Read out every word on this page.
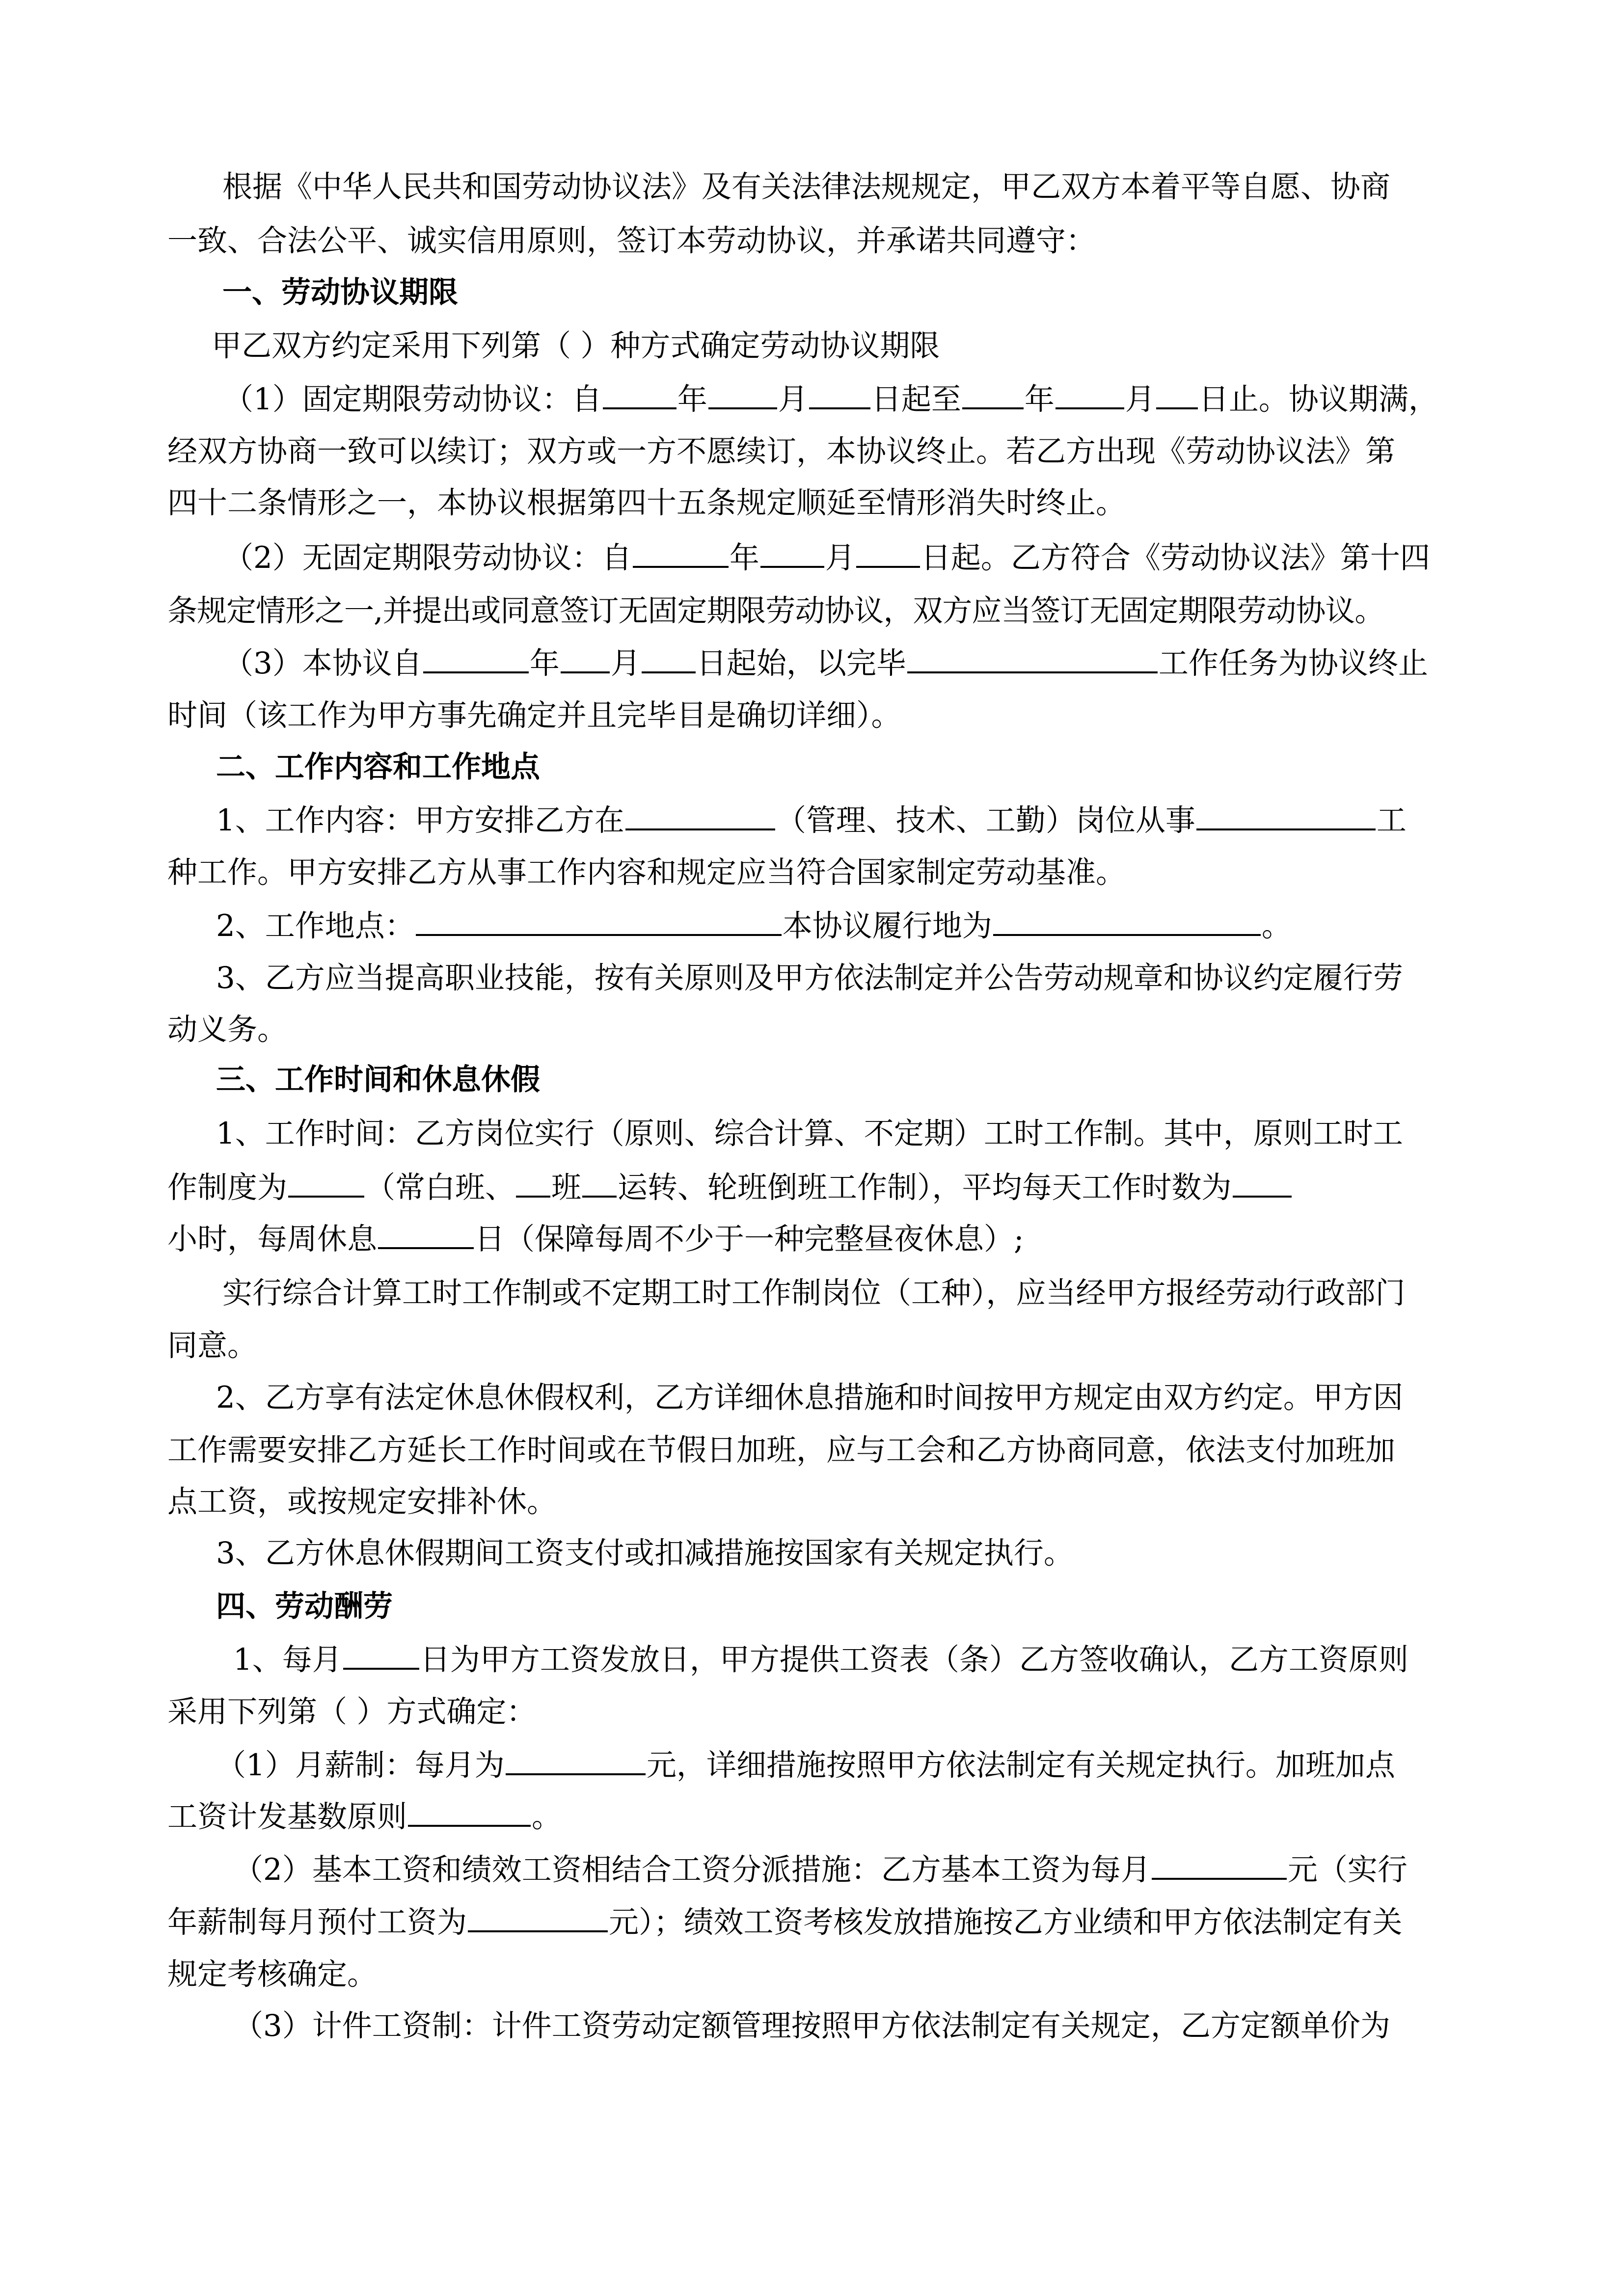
根据《中华人民共和国劳动协议法》及有关法律法规规定，甲乙双方本着平等自愿、协商
一致、合法公平、诚实信用原则，签订本劳动协议，并承诺共同遵守：
一、劳动协议期限
甲乙双方约定采用下列第（ ）种方式确定劳动协议期限
（1）固定期限劳动协议：自	年 月 日起至 年 月 日止。协议期满，
经双方协商一致可以续订；双方或一方不愿续订，本协议终止。若乙方出现《劳动协议法》第
四十二条情形之一，本协议根据第四十五条规定顺延至情形消失时终止。
（2）无固定期限劳动协议：自	年 月 日起。乙方符合《劳动协议法》第十四
条规定情形之一,并提出或同意签订无固定期限劳动协议，双方应当签订无固定期限劳动协议。
（3）本协议自	年 月 日起始，以完毕	工作任务为协议终止
时间（该工作为甲方事先确定并且完毕目是确切详细）。
二、工作内容和工作地点
1、工作内容：甲方安排乙方在	（管理、技术、工勤）岗位从事	工
种工作。甲方安排乙方从事工作内容和规定应当符合国家制定劳动基准。
2、工作地点：	本协议履行地为	。
3、乙方应当提高职业技能，按有关原则及甲方依法制定并公告劳动规章和协议约定履行劳
动义务。
三、工作时间和休息休假
1、工作时间：乙方岗位实行（原则、综合计算、不定期）工时工作制。其中，原则工时工
作制度为	（常白班、 班 运转、轮班倒班工作制），平均每天工作时数为
小时，每周休息	日（保障每周不少于一种完整昼夜休息）;
实行综合计算工时工作制或不定期工时工作制岗位（工种），应当经甲方报经劳动行政部门
同意。
2、乙方享有法定休息休假权利，乙方详细休息措施和时间按甲方规定由双方约定。甲方因
工作需要安排乙方延长工作时间或在节假日加班，应与工会和乙方协商同意，依法支付加班加
点工资，或按规定安排补休。
3、乙方休息休假期间工资支付或扣减措施按国家有关规定执行。
四、劳动酬劳
1、每月	日为甲方工资发放日，甲方提供工资表（条）乙方签收确认，乙方工资原则
采用下列第（ ）方式确定：
（1）月薪制：每月为	元，详细措施按照甲方依法制定有关规定执行。加班加点
工资计发基数原则	。
（2）基本工资和绩效工资相结合工资分派措施：乙方基本工资为每月	元（实行
年薪制每月预付工资为	元）；绩效工资考核发放措施按乙方业绩和甲方依法制定有关
规定考核确定。
（3）计件工资制：计件工资劳动定额管理按照甲方依法制定有关规定，乙方定额单价为
